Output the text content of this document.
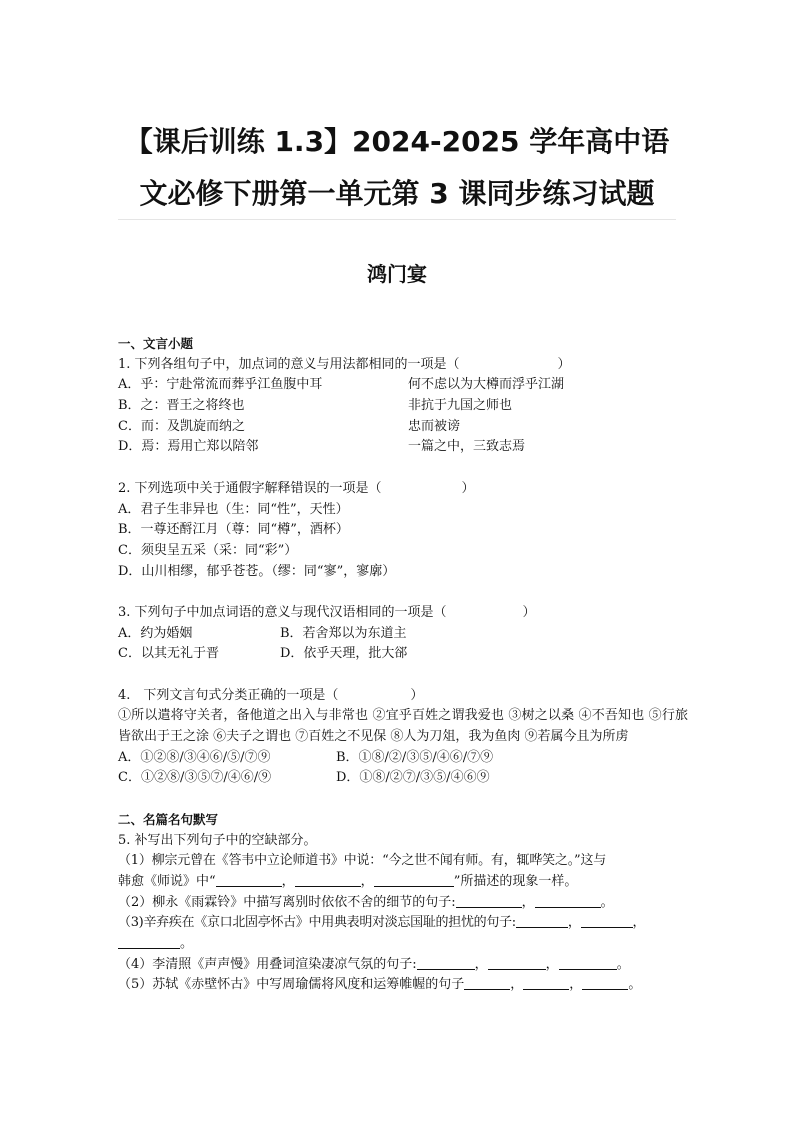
【课后训练 1.3】2024-2025 学年高中语
文必修下册第一单元第 3 课同步练习试题
鸿门宴
一、文言小题
1. 下列各组句子中，加点词的意义与用法都相同的一项是（	）
A．乎：宁赴常流而葬乎江鱼腹中耳	何不虑以为大樽而浮乎江湖
B．之：晋王之将终也	非抗于九国之师也
C．而：及凯旋而纳之	忠而被谤
D．焉：焉用亡郑以陪邻	一篇之中，三致志焉
2. 下列选项中关于通假字解释错误的一项是（	）
A．君子生非异也（生：同“性”，天性）
B．一尊还酹江月（尊：同“樽”，酒杯）
C．须臾呈五采（采：同“彩”）
D．山川相缪，郁乎苍苍。（缪：同“寥”，寥廓）
3. 下列句子中加点词语的意义与现代汉语相同的一项是（	）
A．约为婚姻	B．若舍郑以为东道主
C．以其无礼于晋	D．依乎天理，批大郤
4.　下列文言句式分类正确的一项是（	）
①所以遣将守关者，备他道之出入与非常也 ②宜乎百姓之谓我爱也 ③树之以桑 ④不吾知也 ⑤行旅皆欲出于王之涂 ⑥夫子之谓也 ⑦百姓之不见保 ⑧人为刀俎，我为鱼肉 ⑨若属今且为所虏
A．①②⑧/③④⑥/⑤/⑦⑨	B．①⑧/②/③⑤/④⑥/⑦⑨
C．①②⑧/③⑤⑦/④⑥/⑨	D．①⑧/②⑦/③⑤/④⑥⑨
二、名篇名句默写
5. 补写出下列句子中的空缺部分。
（1）柳宗元曾在《答韦中立论师道书》中说：“今之世不闻有师。有，辄哗笑之。”这与
韩愈《师说》中“	，	，	”所描述的现象一样。
（2）柳永《雨霖铃》中描写离别时依依不舍的细节的句子:	，	。
（3)辛弃疾在《京口北固亭怀古》中用典表明对淡忘国耻的担忧的句子:	，	，
。
（4）李清照《声声慢》用叠词渲染凄凉气氛的句子:	，	，	。
（5）苏轼《赤壁怀古》中写周瑜儒将风度和运筹帷幄的句子	，	，	。
